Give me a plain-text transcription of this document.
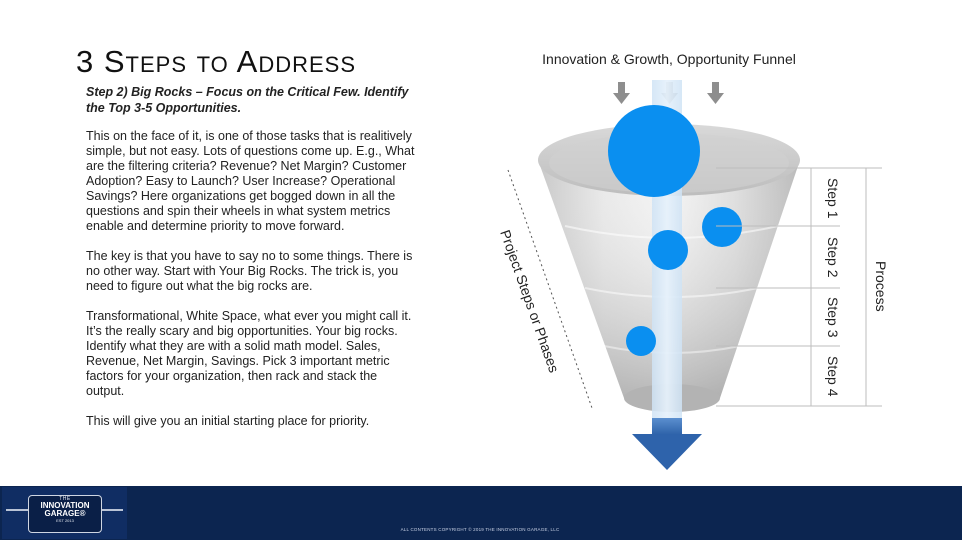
3 Steps to Address
Step 2) Big Rocks – Focus on the Critical Few. Identify the Top 3-5 Opportunities.

This on the face of it, is one of those tasks that is realitively simple, but not easy. Lots of questions come up. E.g., What are the filtering criteria? Revenue? Net Margin? Customer Adoption? Easy to Launch? User Increase? Operational Savings? Here organizations get bogged down in all the questions and spin their wheels in what system metrics enable and determine priority to move forward.

The key is that you have to say no to some things. There is no other way. Start with Your Big Rocks. The trick is, you need to figure out what the big rocks are.

Transformational, White Space, what ever you might call it. It’s the really scary and big opportunities. Your big rocks. Identify what they are with a solid math model. Sales, Revenue, Net Margin, Savings. Pick 3 important metric factors for your organization, then rack and stack the output.

This will give you an initial starting place for priority.

Innovation & Growth, Opportunity Funnel
Project Steps or Phases
Step 1
Step 2
Step 3
Step 4
Process
THE
INNOVATION GARAGE®
EST 2013
ALL CONTENTS COPYRIGHT © 2019 THE INNOVATION GARAGE, LLC
